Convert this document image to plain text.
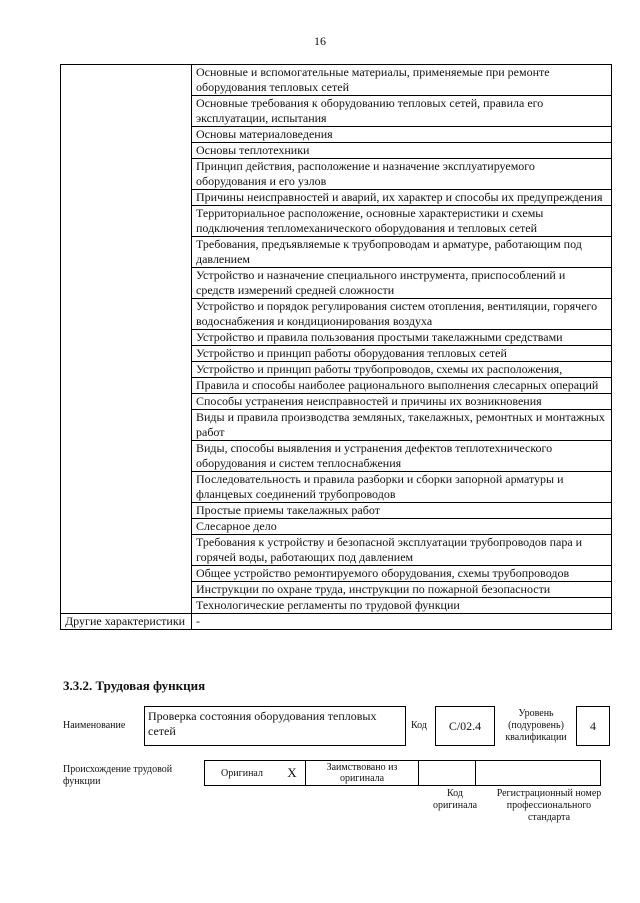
16
	Основные и вспомогательные материалы, применяемые при ремонте оборудования тепловых сетей
	Основные требования к оборудованию тепловых сетей, правила его эксплуатации, испытания
	Основы материаловедения
	Основы теплотехники
	Принцип действия, расположение и назначение эксплуатируемого оборудования и его узлов
	Причины неисправностей и аварий, их характер и способы их предупреждения
	Территориальное расположение, основные характеристики и схемы подключения тепломеханического оборудования и тепловых сетей
	Требования, предъявляемые к трубопроводам и арматуре, работающим под давлением
	Устройство и назначение специального инструмента, приспособлений и средств измерений средней сложности
	Устройство и порядок регулирования систем отопления, вентиляции, горячего водоснабжения и кондиционирования воздуха
	Устройство и правила пользования простыми такелажными средствами
	Устройство и принцип работы оборудования тепловых сетей
	Устройство и принцип работы трубопроводов, схемы их расположения,
	Правила и способы наиболее рационального выполнения слесарных операций
	Способы устранения неисправностей и причины их возникновения
	Виды и правила производства земляных, такелажных, ремонтных и монтажных работ
	Виды, способы выявления и устранения дефектов теплотехнического оборудования и систем теплоснабжения
	Последовательность и правила разборки и сборки запорной арматуры и фланцевых соединений трубопроводов
	Простые приемы такелажных работ
	Слесарное дело
	Требования к устройству и безопасной эксплуатации трубопроводов пара и горячей воды, работающих под давлением
	Общее устройство ремонтируемого оборудования, схемы трубопроводов
	Инструкции по охране труда, инструкции по пожарной безопасности
	Технологические регламенты по трудовой функции
Другие характеристики	-
3.3.2. Трудовая функция
Наименование
Проверка состояния оборудования тепловых сетей	Код	C/02.4
Уровень (подуровень) квалификации
4
Происхождение трудовой функции
Оригинал	X	Заимствовано из оригинала		
Код оригинала
Регистрационный номер профессионального стандарта
